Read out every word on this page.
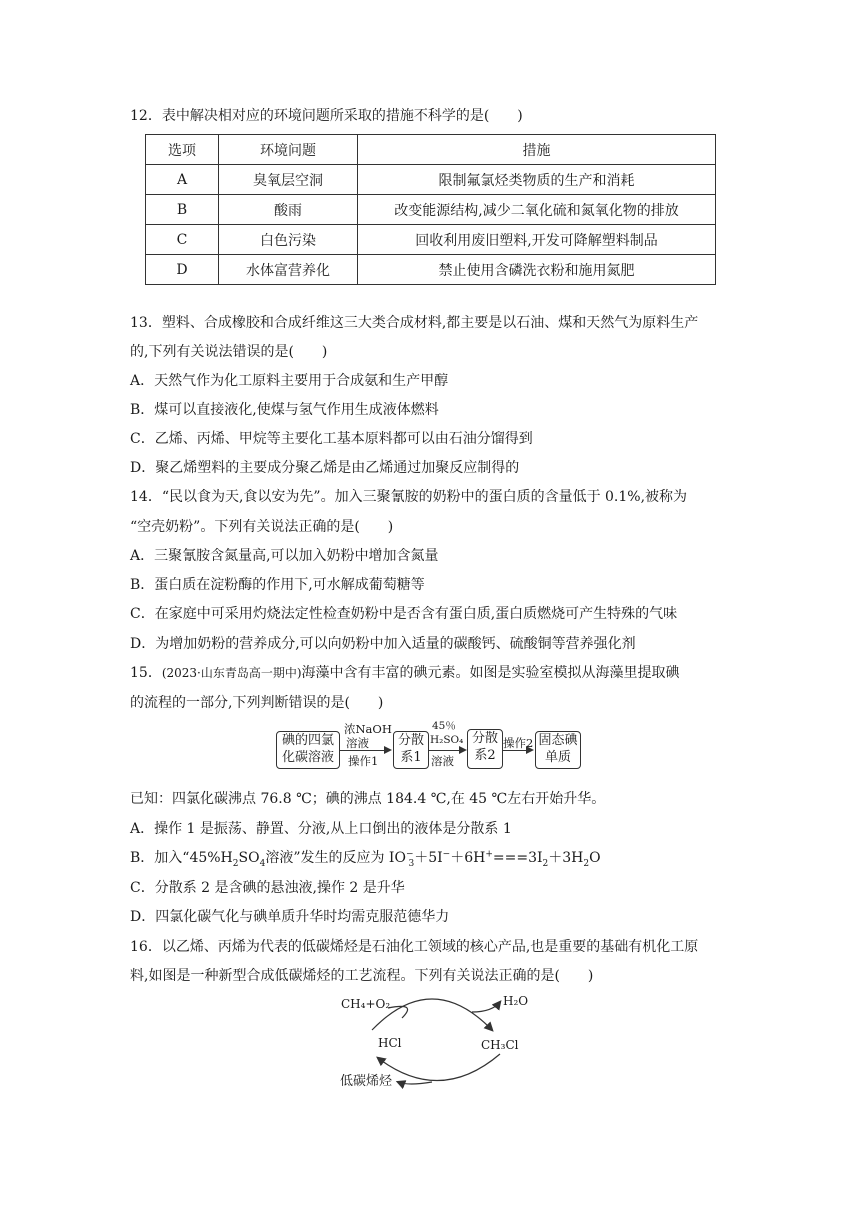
12．表中解决相对应的环境问题所采取的措施不科学的是(　　)
选项	环境问题	措施
A	臭氧层空洞	限制氟氯烃类物质的生产和消耗
B	酸雨	改变能源结构,减少二氧化硫和氮氧化物的排放
C	白色污染	回收利用废旧塑料,开发可降解塑料制品
D	水体富营养化	禁止使用含磷洗衣粉和施用氮肥
13．塑料、合成橡胶和合成纤维这三大类合成材料,都主要是以石油、煤和天然气为原料生产
的,下列有关说法错误的是(　　)
A．天然气作为化工原料主要用于合成氨和生产甲醇
B．煤可以直接液化,使煤与氢气作用生成液体燃料
C．乙烯、丙烯、甲烷等主要化工基本原料都可以由石油分馏得到
D．聚乙烯塑料的主要成分聚乙烯是由乙烯通过加聚反应制得的
14．“民以食为天,食以安为先”。加入三聚氰胺的奶粉中的蛋白质的含量低于 0.1%,被称为
“空壳奶粉”。下列有关说法正确的是(　　)
A．三聚氰胺含氮量高,可以加入奶粉中增加含氮量
B．蛋白质在淀粉酶的作用下,可水解成葡萄糖等
C．在家庭中可采用灼烧法定性检查奶粉中是否含有蛋白质,蛋白质燃烧可产生特殊的气味
D．为增加奶粉的营养成分,可以向奶粉中加入适量的碳酸钙、硫酸铜等营养强化剂
15．(2023·山东青岛高一期中)海藻中含有丰富的碘元素。如图是实验室模拟从海藻里提取碘
的流程的一部分,下列判断错误的是(　　)
碘的四氯
化碳溶液
浓NaOH
溶液
操作1
分散
系1
45％
H₂SO₄
溶液
分散
系2
操作2 固态碘
单质
已知：四氯化碳沸点 76.8 ℃；碘的沸点 184.4 ℃,在 45 ℃左右开始升华。
A．操作 1 是振荡、静置、分液,从上口倒出的液体是分散系 1
B．加入“$45\%H_2SO_4$溶液”发生的反应为 $IO^-_3+5I^-+6H^+===3I_2+3H_2O$
C．分散系 2 是含碘的悬浊液,操作 2 是升华
D．四氯化碳气化与碘单质升华时均需克服范德华力
16．以乙烯、丙烯为代表的低碳烯烃是石油化工领域的核心产品,也是重要的基础有机化工原
料,如图是一种新型合成低碳烯烃的工艺流程。下列有关说法正确的是(　　)
CH₄+O₂	H₂O
HCl	CH₃Cl
低碳烯烃
